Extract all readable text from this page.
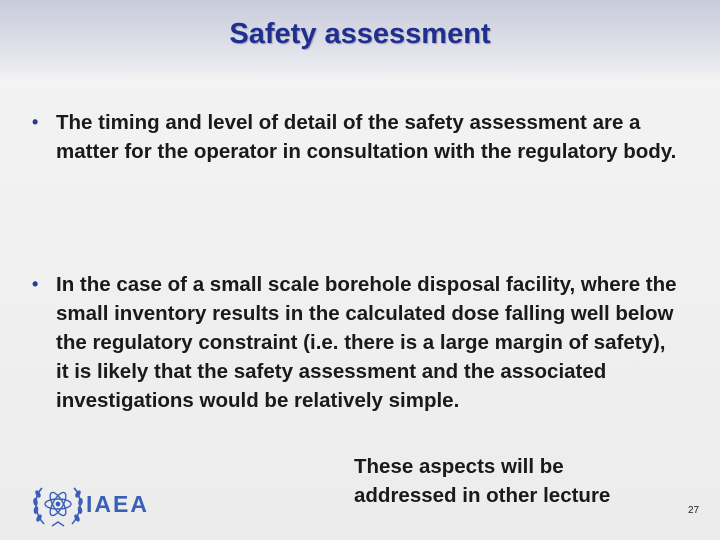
Safety assessment
• The timing and level of detail of the safety assessment are a matter for the operator in consultation with the regulatory body.
• In the case of a small scale borehole disposal facility, where the small inventory results in the calculated dose falling well below the regulatory constraint (i.e. there is a large margin of safety), it is likely that the safety assessment and the associated investigations would be relatively simple.
These aspects will be
addressed in other lecture
IAEA	27
